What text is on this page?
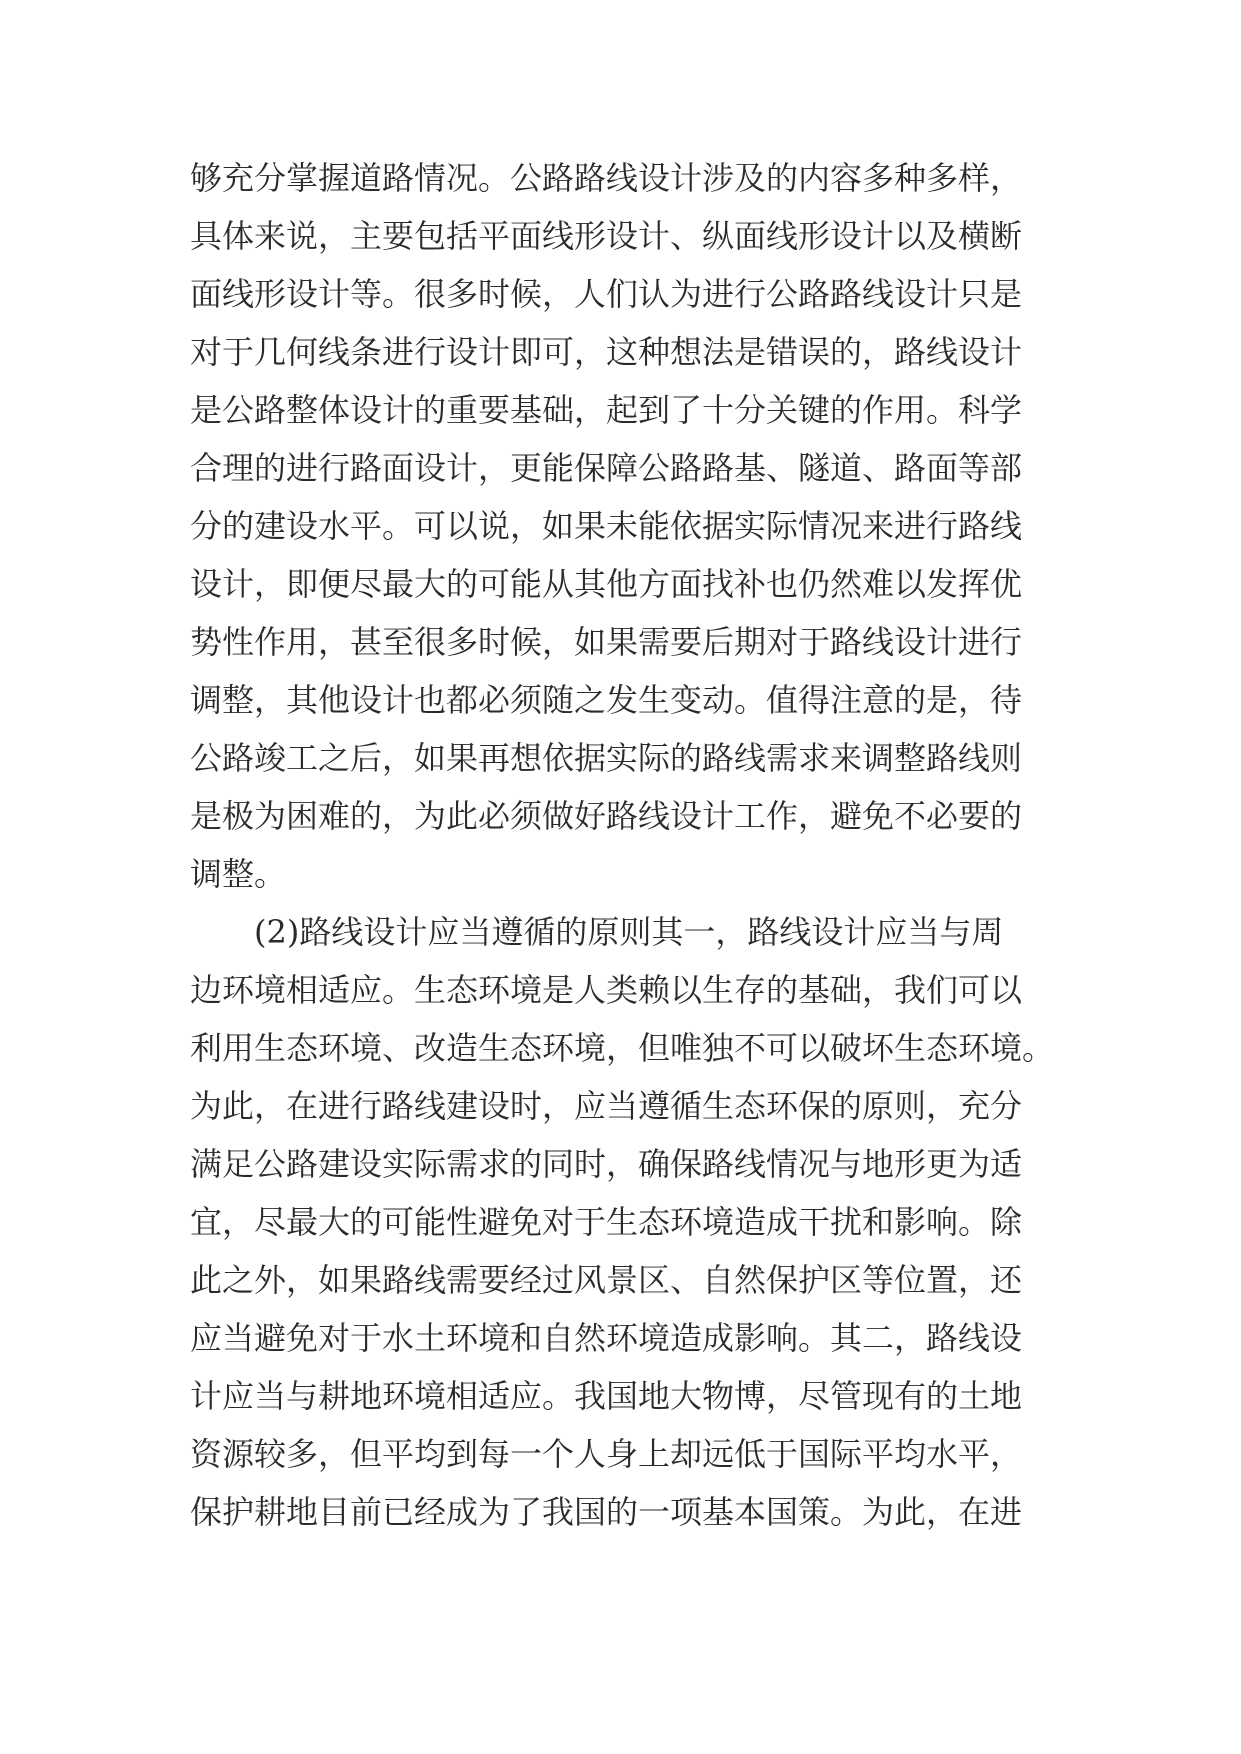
够充分掌握道路情况。公路路线设计涉及的内容多种多样，
具体来说，主要包括平面线形设计、纵面线形设计以及横断
面线形设计等。很多时候，人们认为进行公路路线设计只是
对于几何线条进行设计即可，这种想法是错误的，路线设计
是公路整体设计的重要基础，起到了十分关键的作用。科学
合理的进行路面设计，更能保障公路路基、隧道、路面等部
分的建设水平。可以说，如果未能依据实际情况来进行路线
设计，即便尽最大的可能从其他方面找补也仍然难以发挥优
势性作用，甚至很多时候，如果需要后期对于路线设计进行
调整，其他设计也都必须随之发生变动。值得注意的是，待
公路竣工之后，如果再想依据实际的路线需求来调整路线则
是极为困难的，为此必须做好路线设计工作，避免不必要的
调整。
(2)路线设计应当遵循的原则其一，路线设计应当与周
边环境相适应。生态环境是人类赖以生存的基础，我们可以
利用生态环境、改造生态环境，但唯独不可以破坏生态环境。
为此，在进行路线建设时，应当遵循生态环保的原则，充分
满足公路建设实际需求的同时，确保路线情况与地形更为适
宜，尽最大的可能性避免对于生态环境造成干扰和影响。除
此之外，如果路线需要经过风景区、自然保护区等位置，还
应当避免对于水土环境和自然环境造成影响。其二，路线设
计应当与耕地环境相适应。我国地大物博，尽管现有的土地
资源较多，但平均到每一个人身上却远低于国际平均水平，
保护耕地目前已经成为了我国的一项基本国策。为此，在进
